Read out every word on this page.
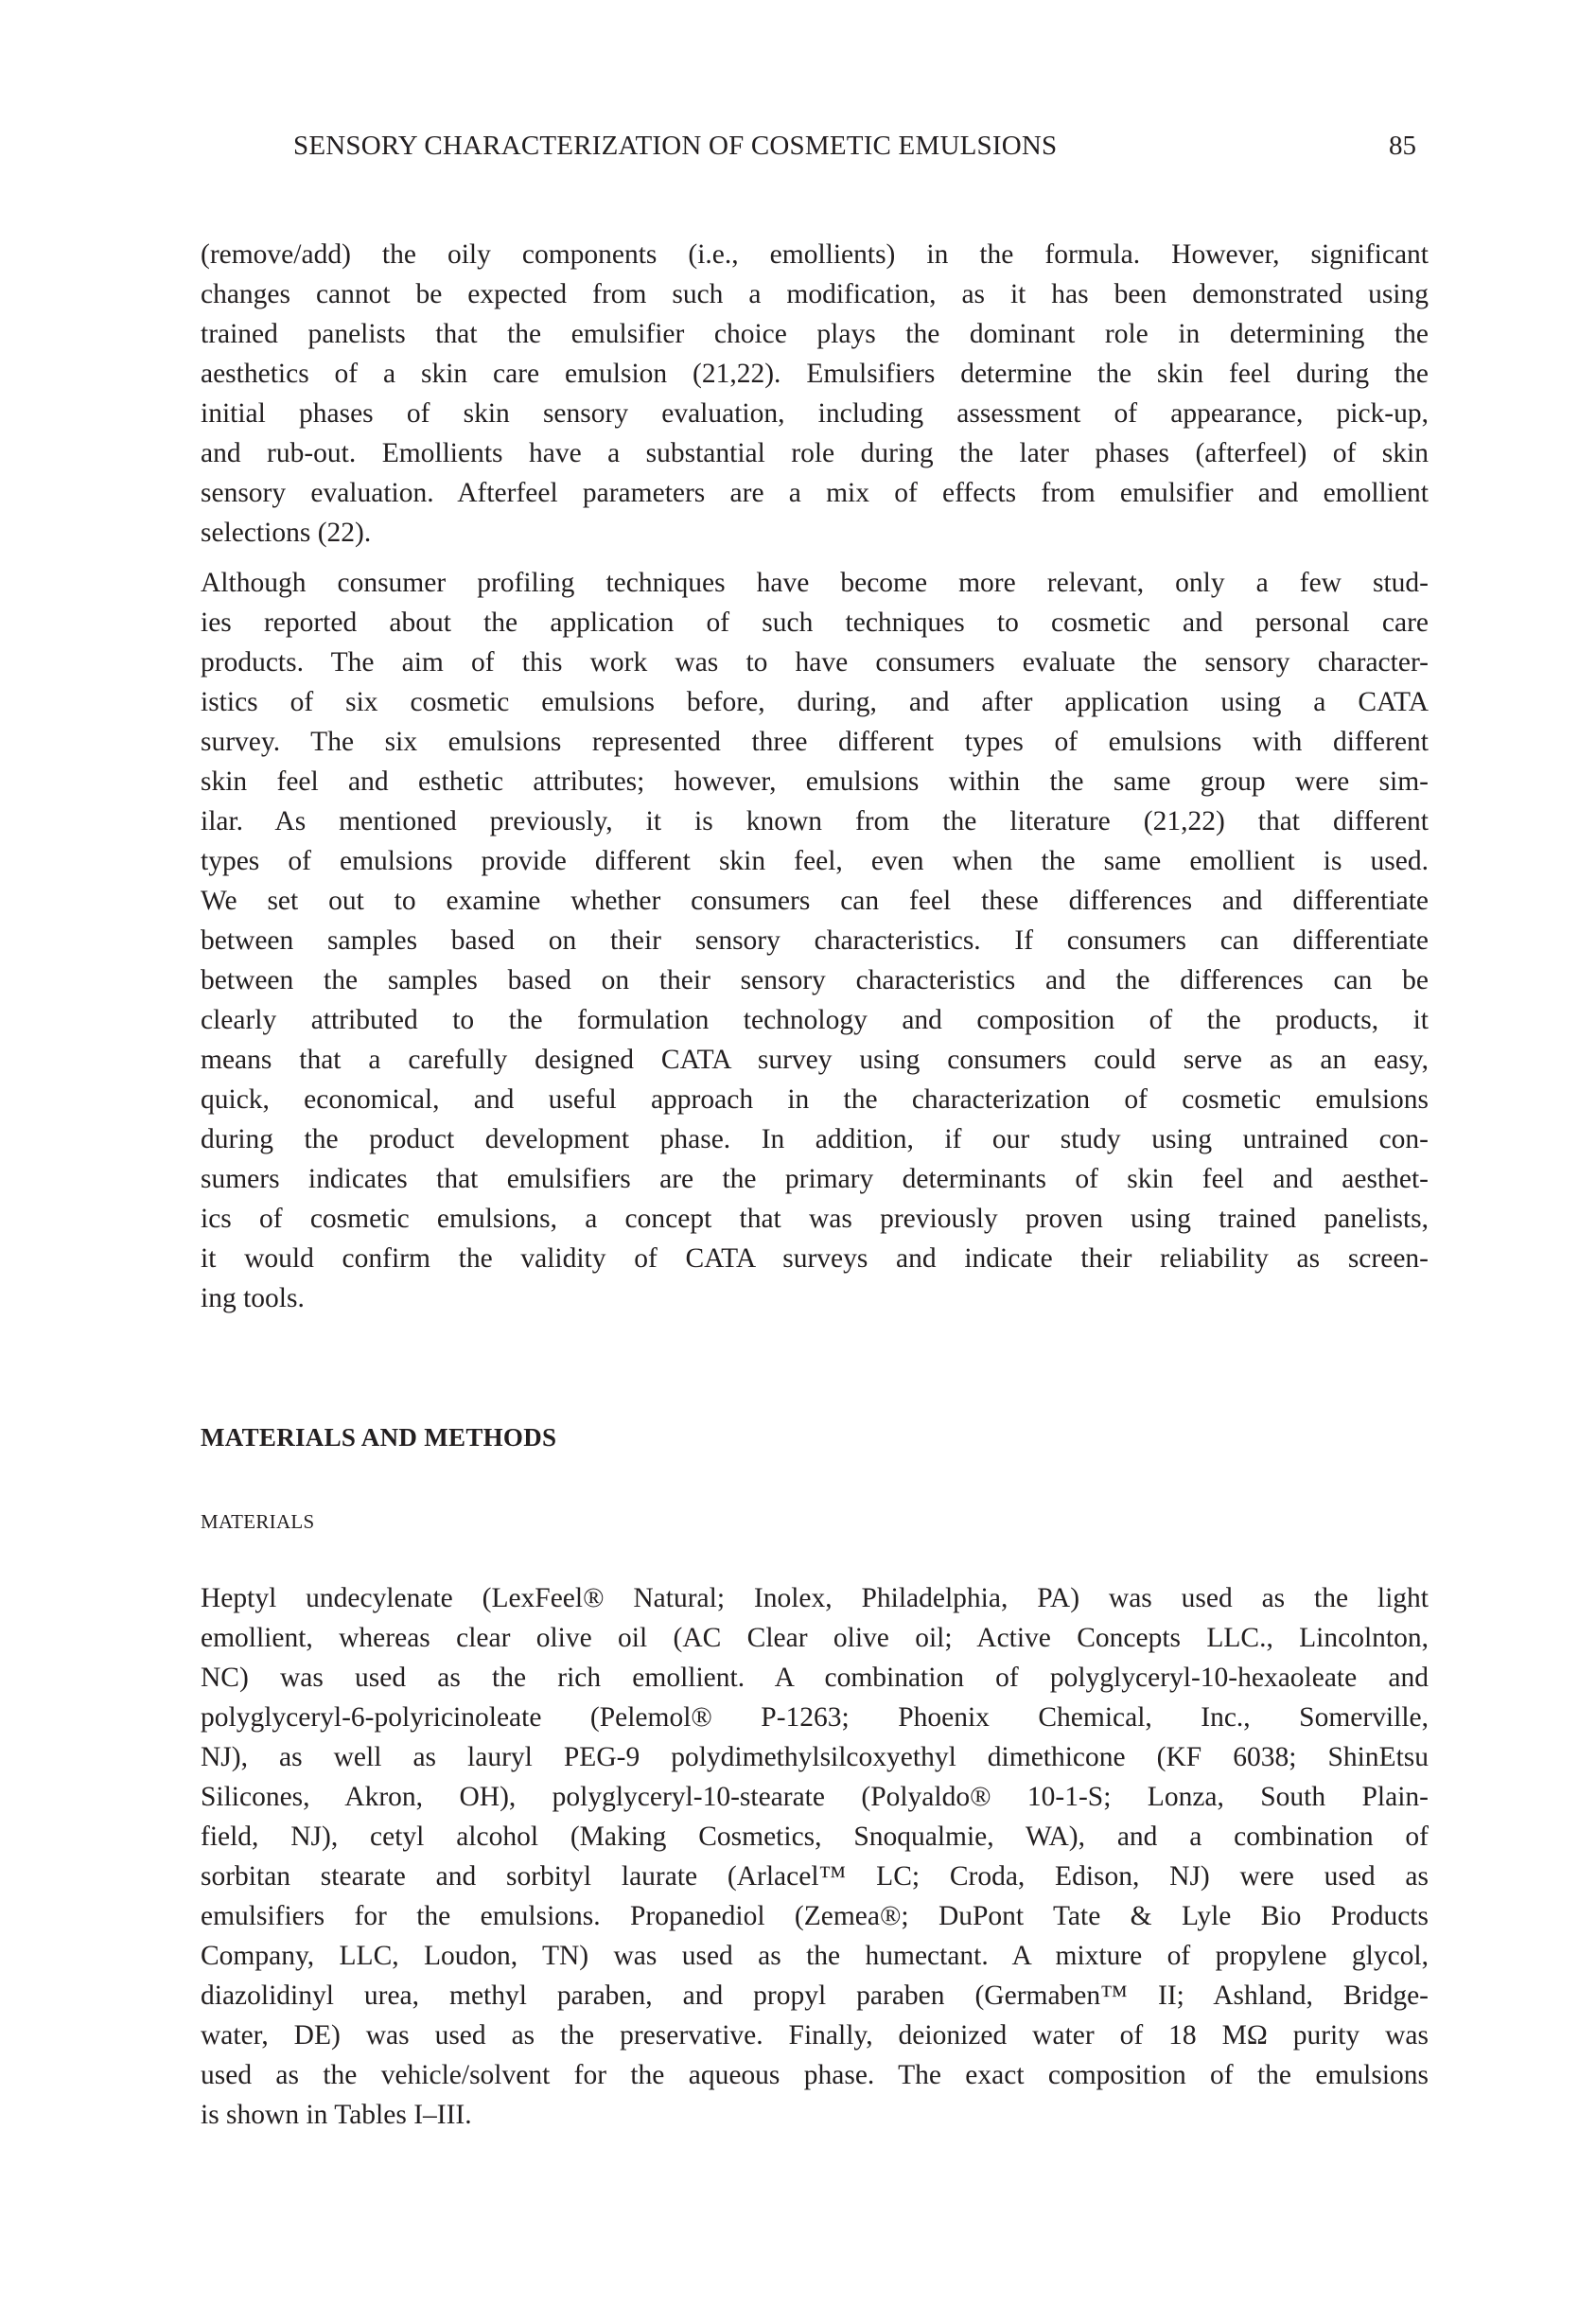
SENSORY CHARACTERIZATION OF COSMETIC EMULSIONS	85
(remove/add) the oily components (i.e., emollients) in the formula. However, significant
changes cannot be expected from such a modification, as it has been demonstrated using
trained panelists that the emulsifier choice plays the dominant role in determining the
aesthetics of a skin care emulsion (21,22). Emulsifiers determine the skin feel during the
initial phases of skin sensory evaluation, including assessment of appearance, pick-up,
and rub-out. Emollients have a substantial role during the later phases (afterfeel) of skin
sensory evaluation. Afterfeel parameters are a mix of effects from emulsifier and emollient
selections (22).
Although consumer profiling techniques have become more relevant, only a few stud-
ies reported about the application of such techniques to cosmetic and personal care
products. The aim of this work was to have consumers evaluate the sensory character-
istics of six cosmetic emulsions before, during, and after application using a CATA
survey. The six emulsions represented three different types of emulsions with different
skin feel and esthetic attributes; however, emulsions within the same group were sim-
ilar. As mentioned previously, it is known from the literature (21,22) that different
types of emulsions provide different skin feel, even when the same emollient is used.
We set out to examine whether consumers can feel these differences and differentiate
between samples based on their sensory characteristics. If consumers can differentiate
between the samples based on their sensory characteristics and the differences can be
clearly attributed to the formulation technology and composition of the products, it
means that a carefully designed CATA survey using consumers could serve as an easy,
quick, economical, and useful approach in the characterization of cosmetic emulsions
during the product development phase. In addition, if our study using untrained con-
sumers indicates that emulsifiers are the primary determinants of skin feel and aesthet-
ics of cosmetic emulsions, a concept that was previously proven using trained panelists,
it would confirm the validity of CATA surveys and indicate their reliability as screen-
ing tools.
MATERIALS AND METHODS
MATERIALS
Heptyl undecylenate (LexFeel® Natural; Inolex, Philadelphia, PA) was used as the light
emollient, whereas clear olive oil (AC Clear olive oil; Active Concepts LLC., Lincolnton,
NC) was used as the rich emollient. A combination of polyglyceryl-10-hexaoleate and
polyglyceryl-6-polyricinoleate (Pelemol® P-1263; Phoenix Chemical, Inc., Somerville,
NJ), as well as lauryl PEG-9 polydimethylsilcoxyethyl dimethicone (KF 6038; ShinEtsu
Silicones, Akron, OH), polyglyceryl-10-stearate (Polyaldo® 10-1-S; Lonza, South Plain-
field, NJ), cetyl alcohol (Making Cosmetics, Snoqualmie, WA), and a combination of
sorbitan stearate and sorbityl laurate (Arlacel™ LC; Croda, Edison, NJ) were used as
emulsifiers for the emulsions. Propanediol (Zemea®; DuPont Tate & Lyle Bio Products
Company, LLC, Loudon, TN) was used as the humectant. A mixture of propylene glycol,
diazolidinyl urea, methyl paraben, and propyl paraben (Germaben™ II; Ashland, Bridge-
water, DE) was used as the preservative. Finally, deionized water of 18 MΩ purity was
used as the vehicle/solvent for the aqueous phase. The exact composition of the emulsions
is shown in Tables I–III.
